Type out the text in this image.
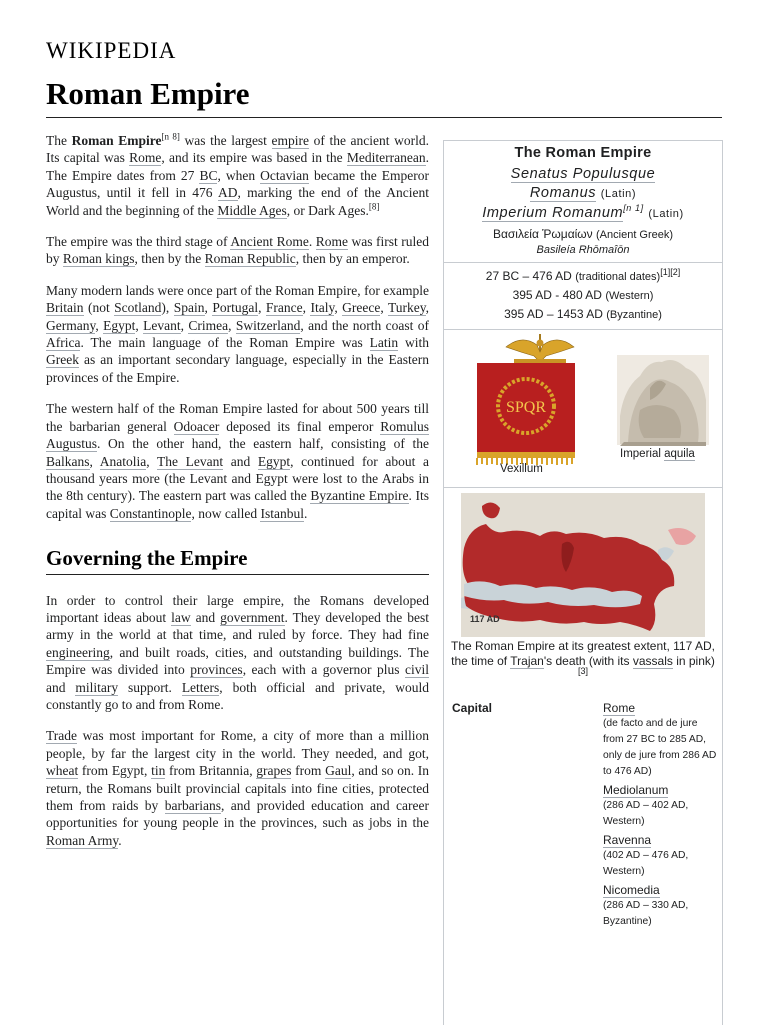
WIKIPEDIA
Roman Empire

The Roman Empire[n 8] was the largest empire of the ancient world. Its capital was Rome, and its empire was based in the Mediterranean. The Empire dates from 27 BC, when Octavian became the Emperor Augustus, until it fell in 476 AD, marking the end of the Ancient World and the beginning of the Middle Ages, or Dark Ages.[8]

The empire was the third stage of Ancient Rome. Rome was first ruled by Roman kings, then by the Roman Republic, then by an emperor.

Many modern lands were once part of the Roman Empire, for example Britain (not Scotland), Spain, Portugal, France, Italy, Greece, Turkey, Germany, Egypt, Levant, Crimea, Switzerland, and the north coast of Africa. The main language of the Roman Empire was Latin with Greek as an important secondary language, especially in the Eastern provinces of the Empire.

The western half of the Roman Empire lasted for about 500 years till the barbarian general Odoacer deposed its final emperor Romulus Augustus. On the other hand, the eastern half, consisting of the Balkans, Anatolia, The Levant and Egypt, continued for about a thousand years more (the Levant and Egypt were lost to the Arabs in the 8th century). The eastern part was called the Byzantine Empire. Its capital was Constantinople, now called Istanbul.

Governing the Empire

In order to control their large empire, the Romans developed important ideas about law and government. They developed the best army in the world at that time, and ruled by force. They had fine engineering, and built roads, cities, and outstanding buildings. The Empire was divided into provinces, each with a governor plus civil and military support. Letters, both official and private, would constantly go to and from Rome.

Trade was most important for Rome, a city of more than a million people, by far the largest city in the world. They needed, and got, wheat from Egypt, tin from Britannia, grapes from Gaul, and so on. In return, the Romans built provincial capitals into fine cities, protected them from raids by barbarians, and provided education and career opportunities for young people in the provinces, such as jobs in the Roman Army.

The Roman Empire
Senatus Populusque
Romanus (Latin)
Imperium Romanum[n 1] (Latin)
Βασιλεία Ῥωμαίων (Ancient Greek)
Basileía Rhōmaîōn
27 BC – 476 AD (traditional dates)[1][2]
395 AD - 480 AD (Western)
395 AD – 1453 AD (Byzantine)
SPQR
Vexillum
Imperial aquila
117 AD
The Roman Empire at its greatest extent, 117 AD, the time of Trajan's death (with its vassals in pink)[3]
Capital	Rome
(de facto and de jure from 27 BC to 285 AD, only de jure from 286 AD to 476 AD)
Mediolanum
(286 AD – 402 AD, Western)
Ravenna
(402 AD – 476 AD, Western)
Nicomedia
(286 AD – 330 AD, Byzantine)
